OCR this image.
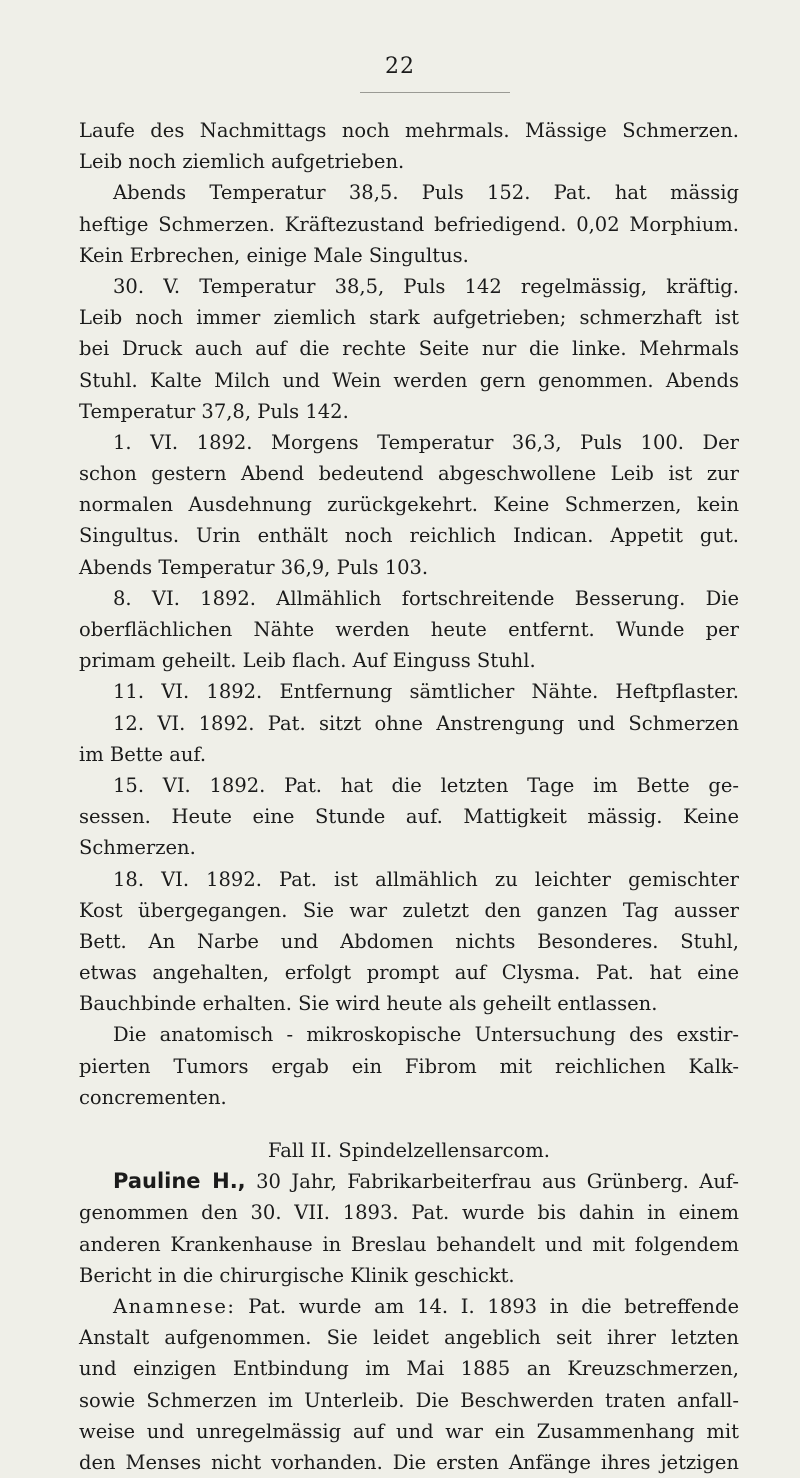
22
Laufe des Nachmittags noch mehrmals. Mässige Schmerzen.
Leib noch ziemlich aufgetrieben.
Abends Temperatur 38,5. Puls 152. Pat. hat mässig
heftige Schmerzen. Kräftezustand befriedigend. 0,02 Morphium.
Kein Erbrechen, einige Male Singultus.
30. V. Temperatur 38,5, Puls 142 regelmässig, kräftig.
Leib noch immer ziemlich stark aufgetrieben; schmerzhaft ist
bei Druck auch auf die rechte Seite nur die linke. Mehrmals
Stuhl. Kalte Milch und Wein werden gern genommen. Abends
Temperatur 37,8, Puls 142.
1. VI. 1892. Morgens Temperatur 36,3, Puls 100. Der
schon gestern Abend bedeutend abgeschwollene Leib ist zur
normalen Ausdehnung zurückgekehrt. Keine Schmerzen, kein
Singultus. Urin enthält noch reichlich Indican. Appetit gut.
Abends Temperatur 36,9, Puls 103.
8. VI. 1892. Allmählich fortschreitende Besserung. Die
oberflächlichen Nähte werden heute entfernt. Wunde per
primam geheilt. Leib flach. Auf Einguss Stuhl.
11. VI. 1892. Entfernung sämtlicher Nähte. Heftpflaster.
12. VI. 1892. Pat. sitzt ohne Anstrengung und Schmerzen
im Bette auf.
15. VI. 1892. Pat. hat die letzten Tage im Bette ge-
sessen. Heute eine Stunde auf. Mattigkeit mässig. Keine
Schmerzen.
18. VI. 1892. Pat. ist allmählich zu leichter gemischter
Kost übergegangen. Sie war zuletzt den ganzen Tag ausser
Bett. An Narbe und Abdomen nichts Besonderes. Stuhl,
etwas angehalten, erfolgt prompt auf Clysma. Pat. hat eine
Bauchbinde erhalten. Sie wird heute als geheilt entlassen.
Die anatomisch - mikroskopische Untersuchung des exstir-
pierten Tumors ergab ein Fibrom mit reichlichen Kalk-
concrementen.
Fall II. Spindelzellensarcom.
Pauline H., 30 Jahr, Fabrikarbeiterfrau aus Grünberg. Auf-
genommen den 30. VII. 1893. Pat. wurde bis dahin in einem
anderen Krankenhause in Breslau behandelt und mit folgendem
Bericht in die chirurgische Klinik geschickt.
Anamnese: Pat. wurde am 14. I. 1893 in die betreffende
Anstalt aufgenommen. Sie leidet angeblich seit ihrer letzten
und einzigen Entbindung im Mai 1885 an Kreuzschmerzen,
sowie Schmerzen im Unterleib. Die Beschwerden traten anfall-
weise und unregelmässig auf und war ein Zusammenhang mit
den Menses nicht vorhanden. Die ersten Anfänge ihres jetzigen
